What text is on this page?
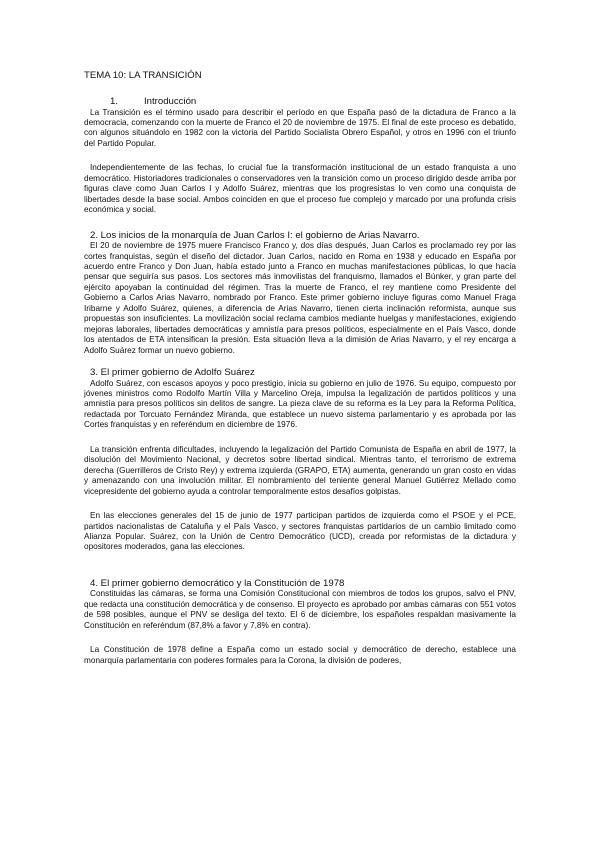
TEMA 10: LA TRANSICIÓN
1.	Introducción

La Transición es el término usado para describir el período en que España pasó de la dictadura de Franco a la democracia, comenzando con la muerte de Franco el 20 de noviembre de 1975. El final de este proceso es debatido, con algunos situándolo en 1982 con la victoria del Partido Socialista Obrero Español, y otros en 1996 con el triunfo del Partido Popular.

Independientemente de las fechas, lo crucial fue la transformación institucional de un estado franquista a uno democrático. Historiadores tradicionales o conservadores ven la transición como un proceso dirigido desde arriba por figuras clave como Juan Carlos I y Adolfo Suárez, mientras que los progresistas lo ven como una conquista de libertades desde la base social. Ambos coinciden en que el proceso fue complejo y marcado por una profunda crisis económica y social.

2. Los inicios de la monarquía de Juan Carlos I: el gobierno de Arias Navarro.

El 20 de noviembre de 1975 muere Francisco Franco y, dos días después, Juan Carlos es proclamado rey por las cortes franquistas, según el diseño del dictador. Juan Carlos, nacido en Roma en 1938 y educado en España por acuerdo entre Franco y Don Juan, había estado junto a Franco en muchas manifestaciones públicas, lo que hacía pensar que seguiría sus pasos. Los sectores más inmovilistas del franquismo, llamados el Búnker, y gran parte del ejército apoyaban la continuidad del régimen. Tras la muerte de Franco, el rey mantiene como Presidente del Gobierno a Carlos Arias Navarro, nombrado por Franco. Este primer gobierno incluye figuras como Manuel Fraga Iribarne y Adolfo Suárez, quienes, a diferencia de Arias Navarro, tienen cierta inclinación reformista, aunque sus propuestas son insuficientes. La movilización social reclama cambios mediante huelgas y manifestaciones, exigiendo mejoras laborales, libertades democráticas y amnistía para presos políticos, especialmente en el País Vasco, donde los atentados de ETA intensifican la presión. Esta situación lleva a la dimisión de Arias Navarro, y el rey encarga a Adolfo Suárez formar un nuevo gobierno.

3. El primer gobierno de Adolfo Suárez

Adolfo Suárez, con escasos apoyos y poco prestigio, inicia su gobierno en julio de 1976. Su equipo, compuesto por jóvenes ministros como Rodolfo Martín Villa y Marcelino Oreja, impulsa la legalización de partidos políticos y una amnistía para presos políticos sin delitos de sangre. La pieza clave de su reforma es la Ley para la Reforma Política, redactada por Torcuato Fernández Miranda, que establece un nuevo sistema parlamentario y es aprobada por las Cortes franquistas y en referéndum en diciembre de 1976.

La transición enfrenta dificultades, incluyendo la legalización del Partido Comunista de España en abril de 1977, la disolución del Movimiento Nacional, y decretos sobre libertad sindical. Mientras tanto, el terrorismo de extrema derecha (Guerrilleros de Cristo Rey) y extrema izquierda (GRAPO, ETA) aumenta, generando un gran costo en vidas y amenazando con una involución militar. El nombramiento del teniente general Manuel Gutiérrez Mellado como vicepresidente del gobierno ayuda a controlar temporalmente estos desafíos golpistas.

En las elecciones generales del 15 de junio de 1977 participan partidos de izquierda como el PSOE y el PCE, partidos nacionalistas de Cataluña y el País Vasco, y sectores franquistas partidarios de un cambio limitado como Alianza Popular. Suárez, con la Unión de Centro Democrático (UCD), creada por reformistas de la dictadura y opositores moderados, gana las elecciones.

4. El primer gobierno democrático y la Constitución de 1978

Constituidas las cámaras, se forma una Comisión Constitucional con miembros de todos los grupos, salvo el PNV, que redacta una constitución democrática y de consenso. El proyecto es aprobado por ambas cámaras con 551 votos de 598 posibles, aunque el PNV se desliga del texto. El 6 de diciembre, los españoles respaldan masivamente la Constitución en referéndum (87,8% a favor y 7,8% en contra).

La Constitución de 1978 define a España como un estado social y democrático de derecho, establece una monarquía parlamentaria con poderes formales para la Corona, la división de poderes,
